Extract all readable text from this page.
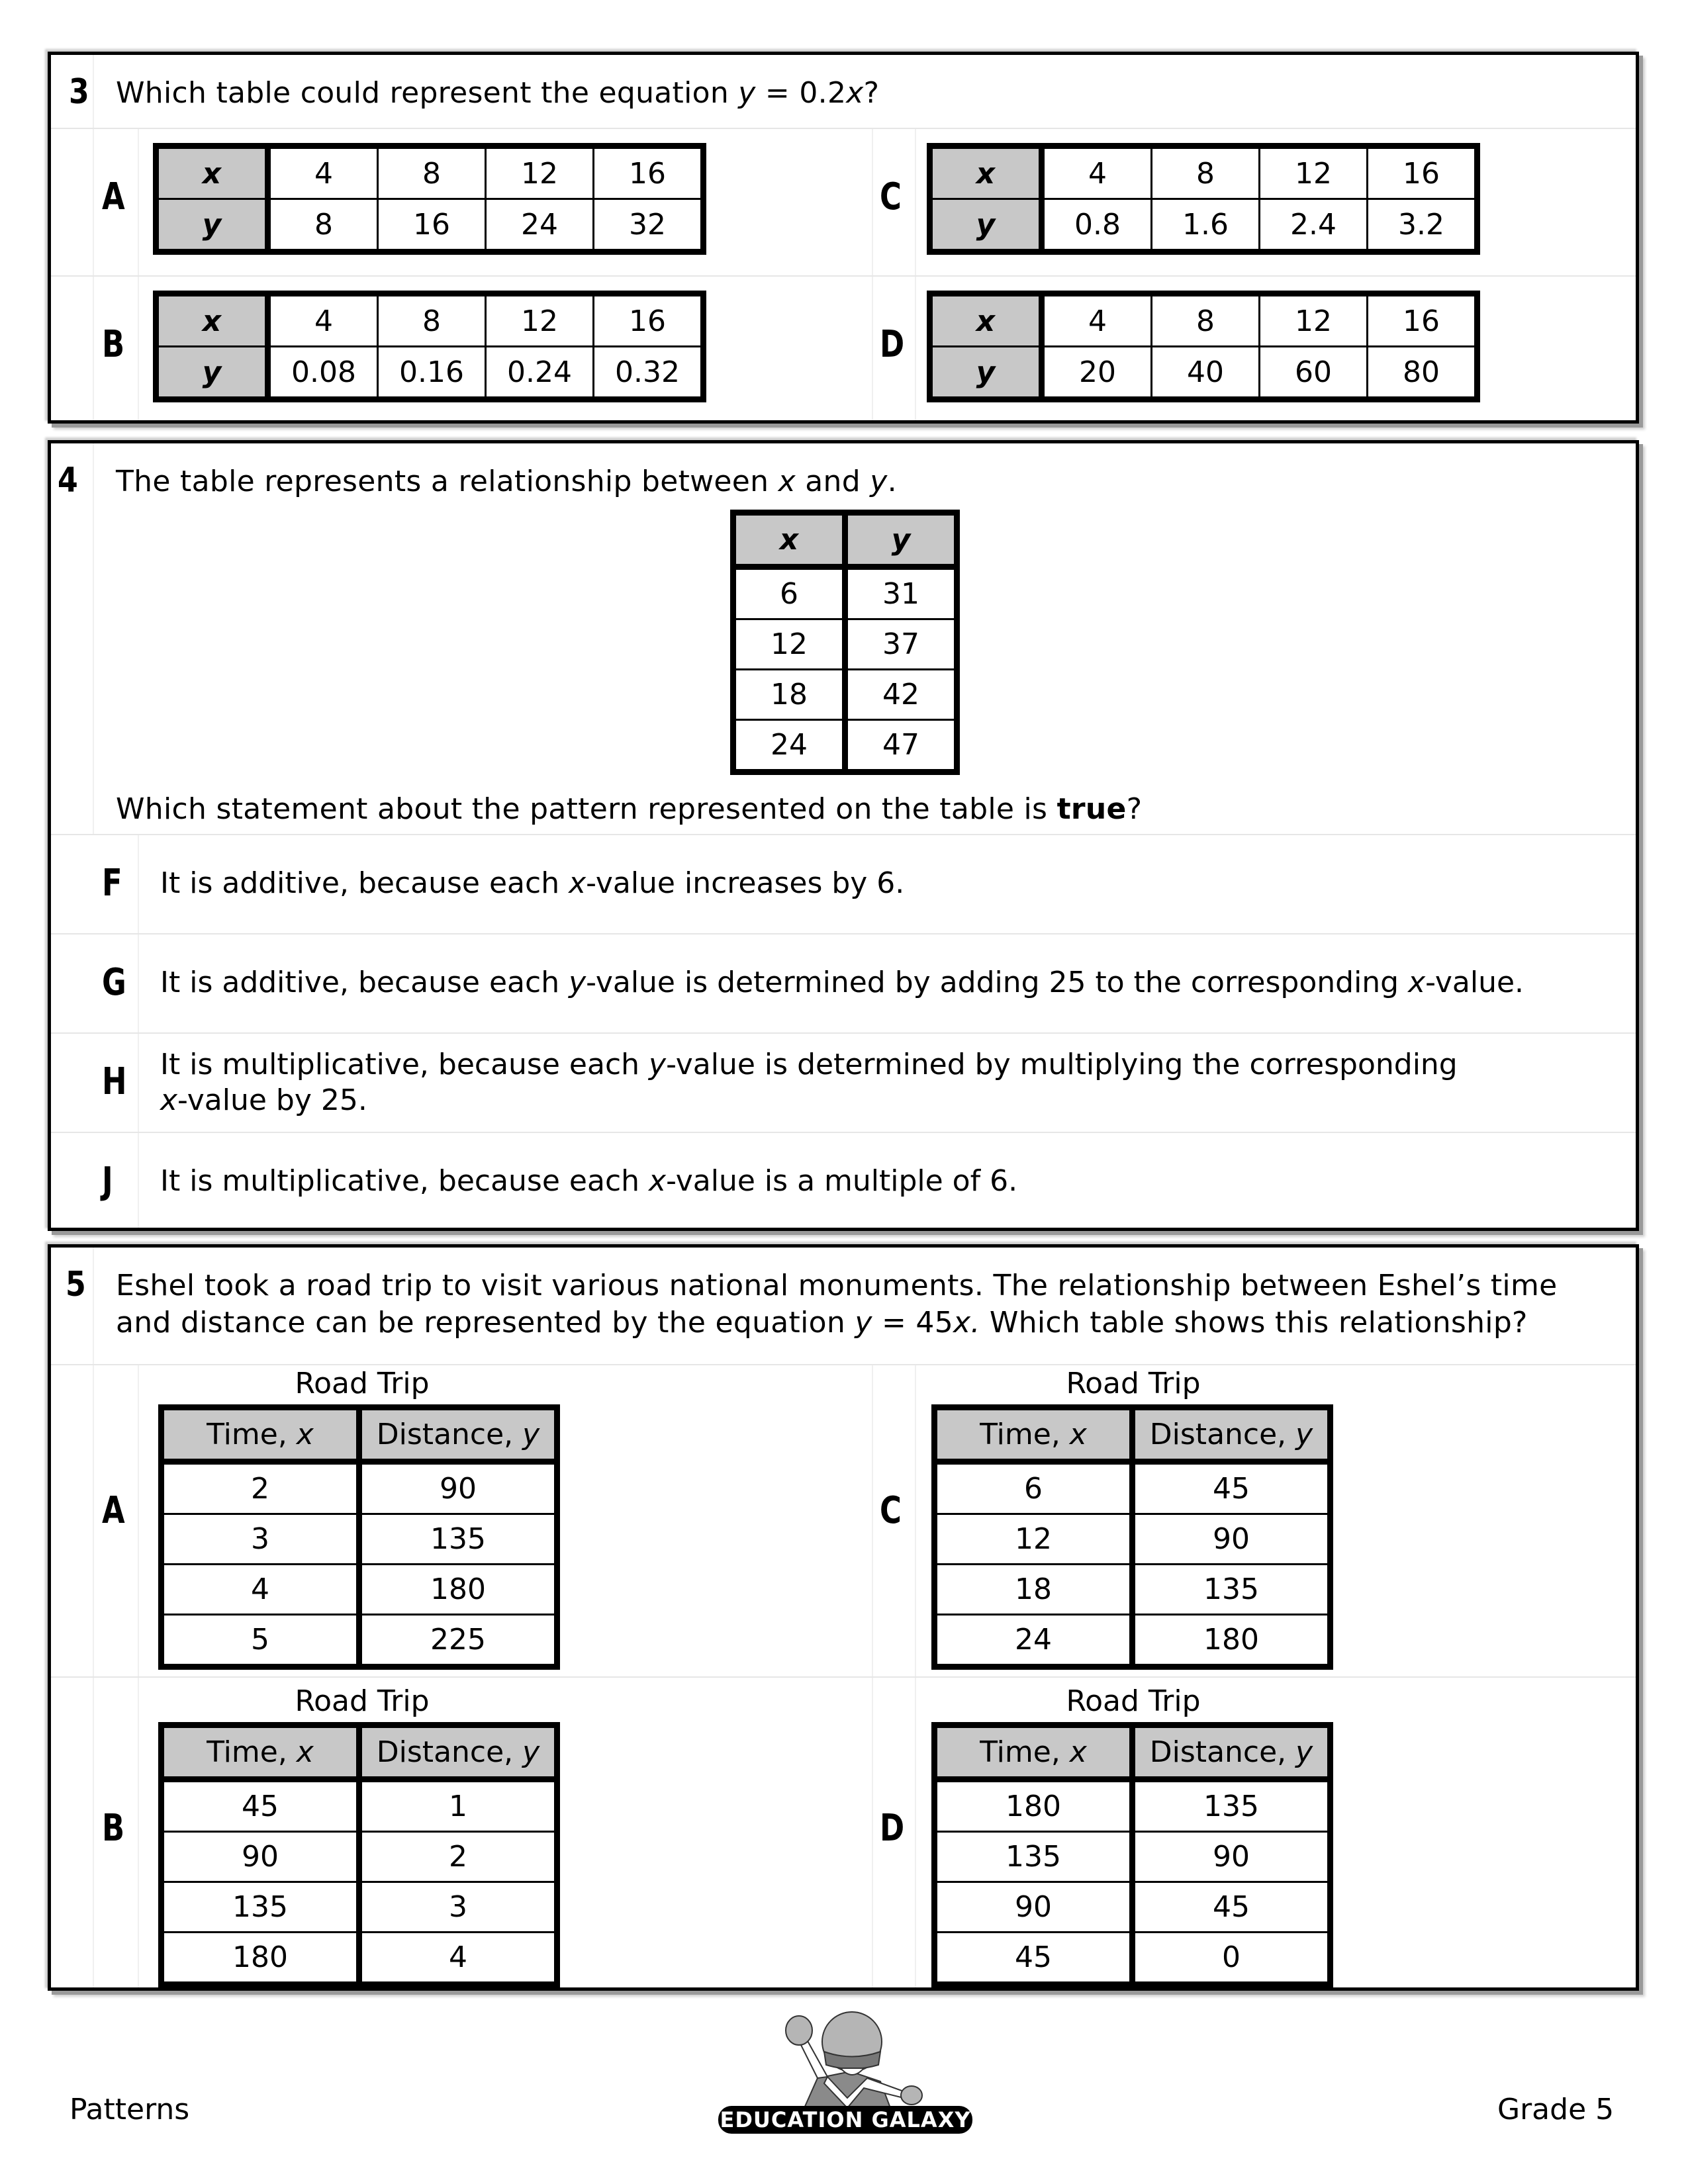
3 Which table could represent the equation y = 0.2x?
A
x	4	8	12	16
y	8	16	24	32
B
x	4	8	12	16
y	0.08	0.16	0.24	0.32
C
x	4	8	12	16
y	0.8	1.6	2.4	3.2
D
x	4	8	12	16
y	20	40	60	80
4 The table represents a relationship between x and y.
x	y
6	31
12	37
18	42
24	47
Which statement about the pattern represented on the table is true?
F It is additive, because each x-value increases by 6.
G It is additive, because each y-value is determined by adding 25 to the corresponding x-value.
H It is multiplicative, because each y-value is determined by multiplying the corresponding
x-value by 25.
J It is multiplicative, because each x-value is a multiple of 6.
5 Eshel took a road trip to visit various national monuments. The relationship between Eshel’s time
and distance can be represented by the equation y = 45x. Which table shows this relationship?
A
Road Trip
Time, x	Distance, y
2	90
3	135
4	180
5	225
B
Road Trip
Time, x	Distance, y
45	1
90	2
135	3
180	4
C
Road Trip
Time, x	Distance, y
6	45
12	90
18	135
24	180
D
Road Trip
Time, x	Distance, y
180	135
135	90
90	45
45	0
Patterns	Grade 5
EDUCATION GALAXY
